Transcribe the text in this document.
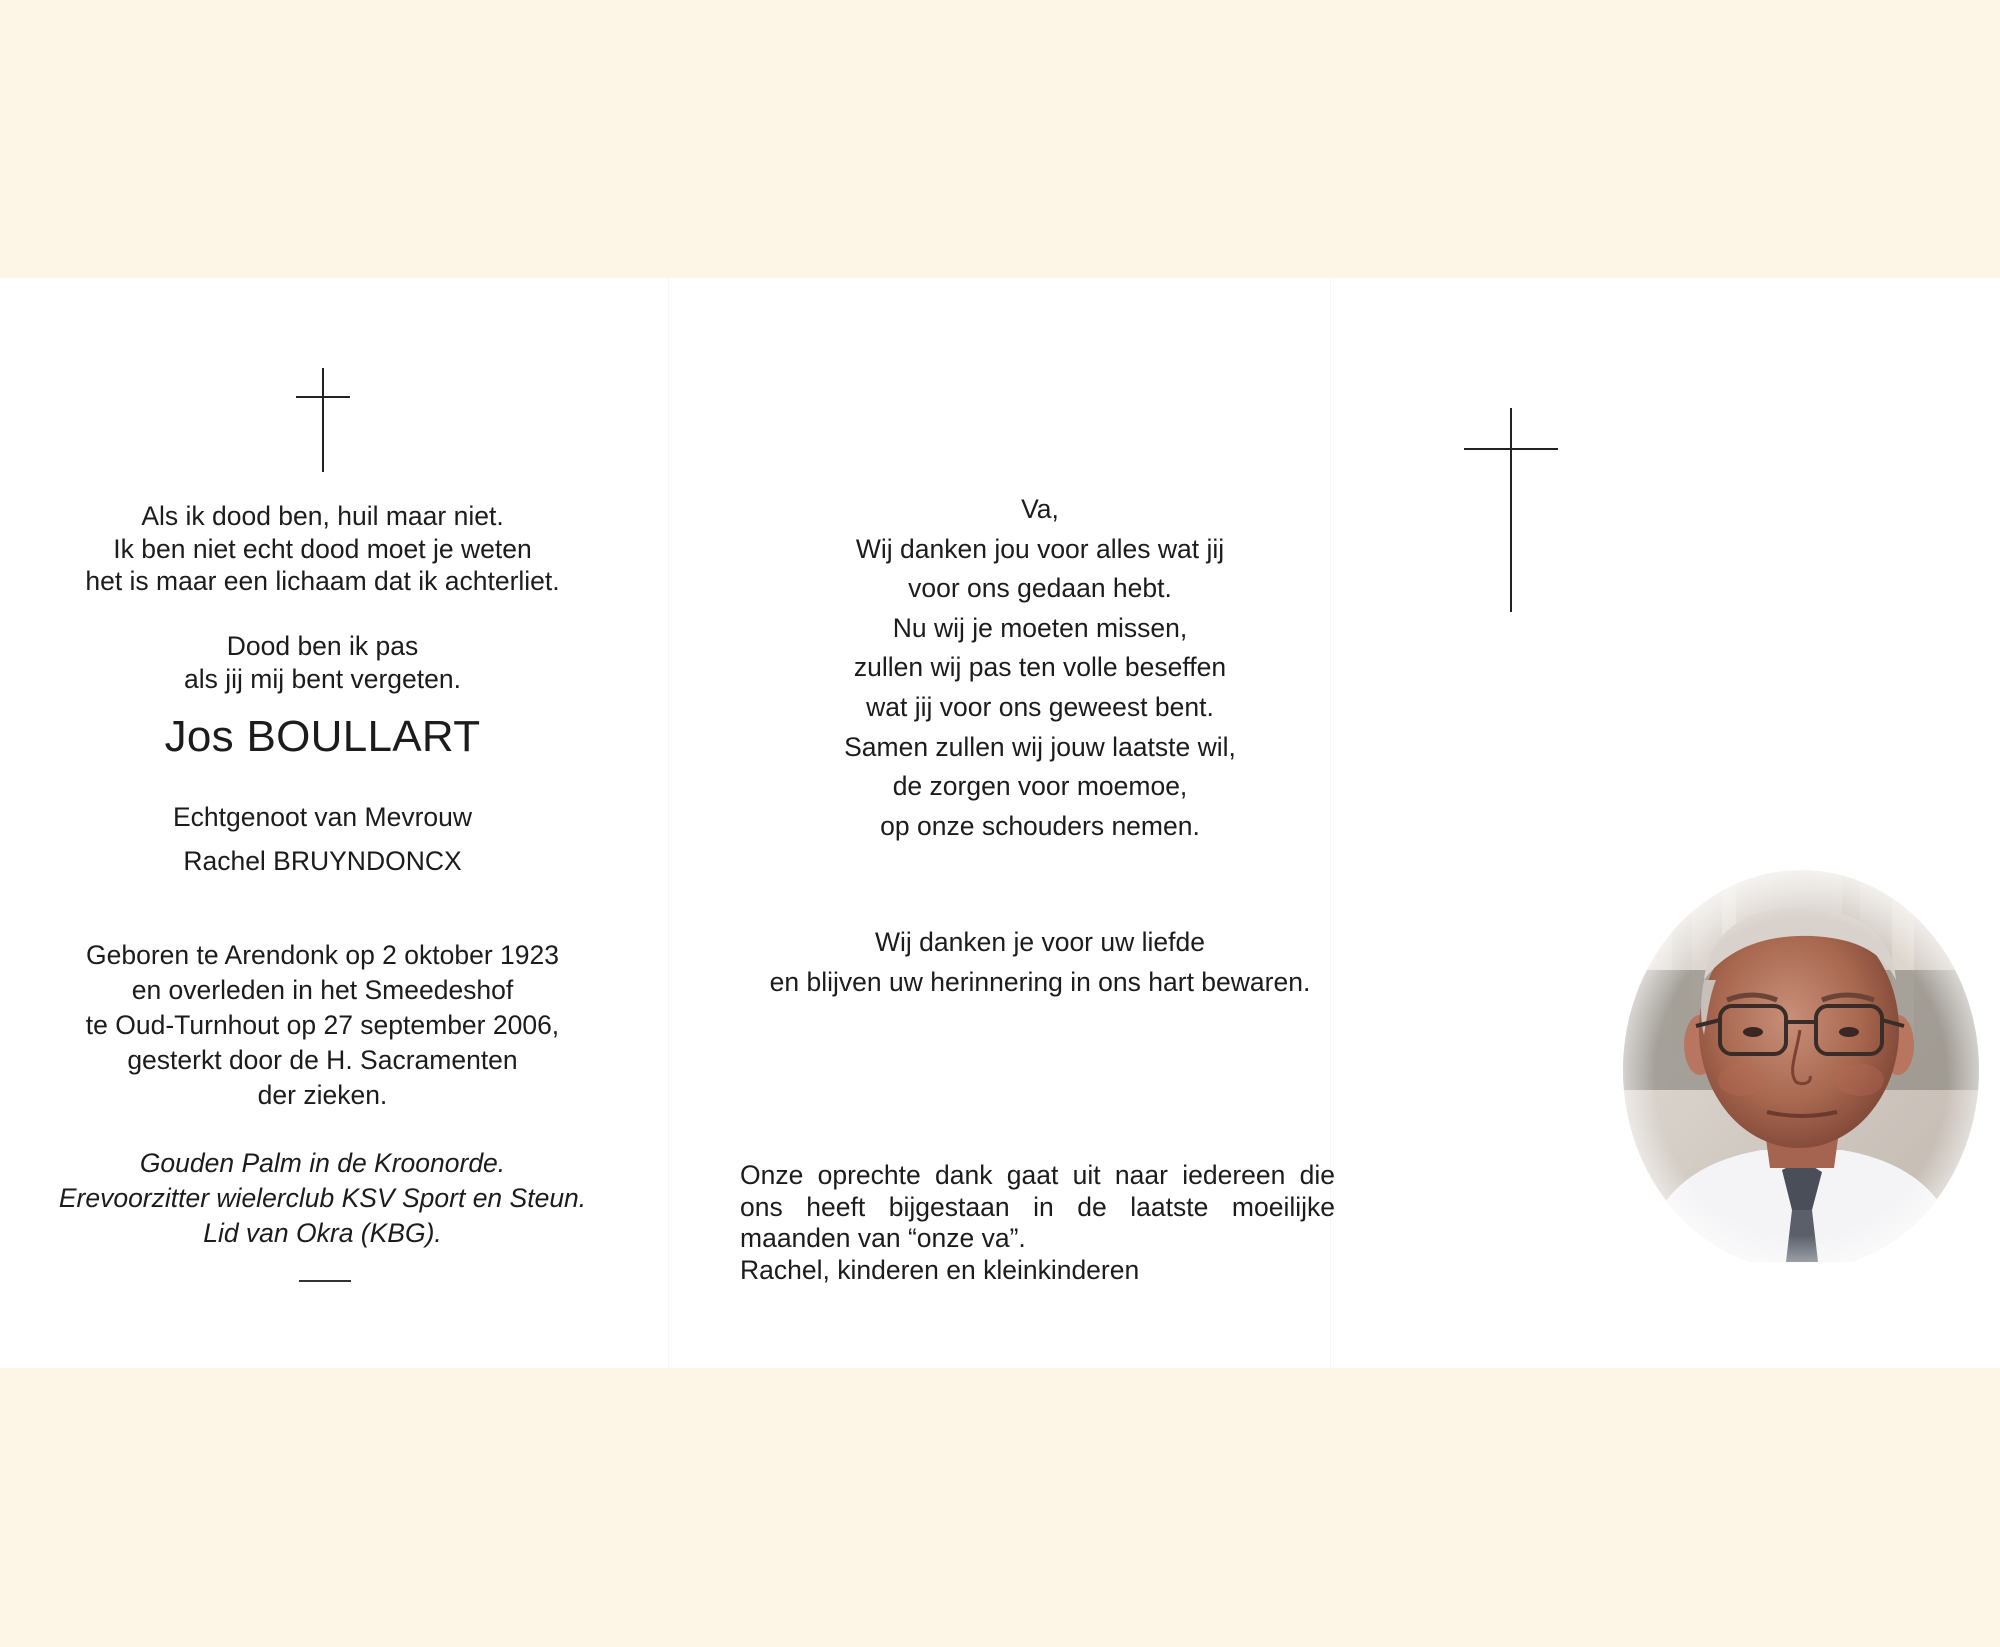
Als ik dood ben, huil maar niet.
Ik ben niet echt dood moet je weten
het is maar een lichaam dat ik achterliet.
Dood ben ik pas
als jij mij bent vergeten.
Jos BOULLART
Echtgenoot van Mevrouw
Rachel BRUYNDONCX
Geboren te Arendonk op 2 oktober 1923
en overleden in het Smeedeshof
te Oud-Turnhout op 27 september 2006,
gesterkt door de H. Sacramenten
der zieken.
Gouden Palm in de Kroonorde.
Erevoorzitter wielerclub KSV Sport en Steun.
Lid van Okra (KBG).
Va,
Wij danken jou voor alles wat jij
voor ons gedaan hebt.
Nu wij je moeten missen,
zullen wij pas ten volle beseffen
wat jij voor ons geweest bent.
Samen zullen wij jouw laatste wil,
de zorgen voor moemoe,
op onze schouders nemen.
Wij danken je voor uw liefde
en blijven uw herinnering in ons hart bewaren.
Onze oprechte dank gaat uit naar iedereen die
ons heeft bijgestaan in de laatste moeilijke
maanden van “onze va”.
Rachel, kinderen en kleinkinderen
